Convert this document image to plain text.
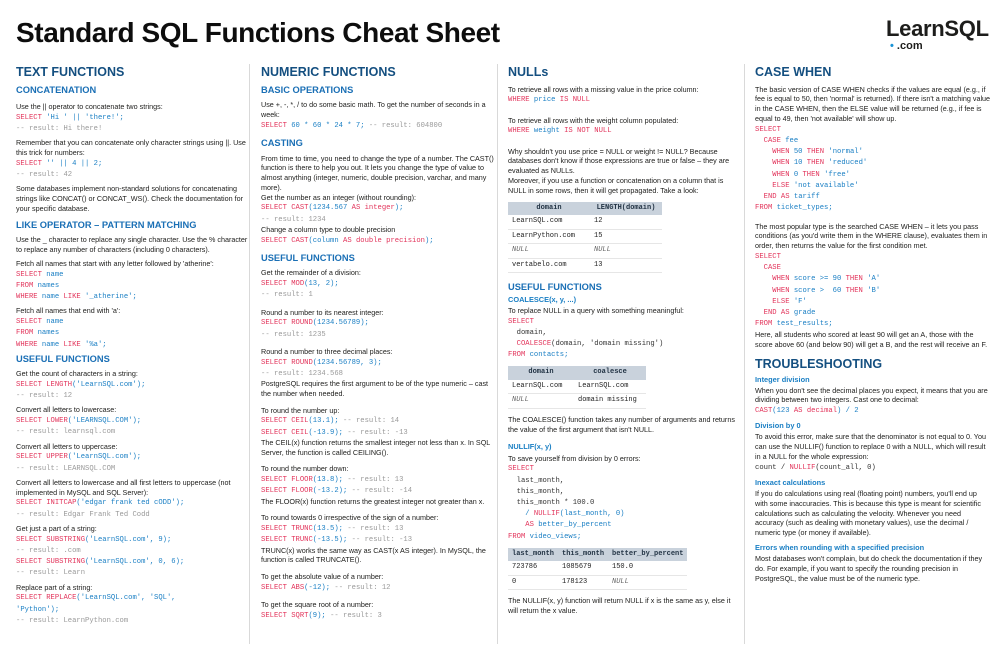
Standard SQL Functions Cheat Sheet	LearnSQL
• .com
TEXT FUNCTIONS
CONCATENATION
Use the || operator to concatenate two strings:
SELECT 'Hi ' || 'there!';
-- result: Hi there!
Remember that you can concatenate only character strings using ||. Use this trick for numbers:
SELECT '' || 4 || 2;
-- result: 42
Some databases implement non-standard solutions for concatenating strings like CONCAT() or CONCAT_WS(). Check the documentation for your specific database.
LIKE OPERATOR – PATTERN MATCHING
Use the _ character to replace any single character. Use the % character to replace any number of characters (including 0 characters).
Fetch all names that start with any letter followed by 'atherine':
SELECT name
FROM names
WHERE name LIKE '_atherine';
Fetch all names that end with 'a':
SELECT name
FROM names
WHERE name LIKE '%a';
USEFUL FUNCTIONS
Get the count of characters in a string:
SELECT LENGTH('LearnSQL.com');
-- result: 12
Convert all letters to lowercase:
SELECT LOWER('LEARNSQL.COM');
-- result: learnsql.com
Convert all letters to uppercase:
SELECT UPPER('LearnSQL.com');
-- result: LEARNSQL.COM
Convert all letters to lowercase and all first letters to uppercase (not implemented in MySQL and SQL Server):
SELECT INITCAP('edgar frank ted cODD');
-- result: Edgar Frank Ted Codd
Get just a part of a string:
SELECT SUBSTRING('LearnSQL.com', 9);
-- result: .com
SELECT SUBSTRING('LearnSQL.com', 0, 6);
-- result: Learn
Replace part of a string:
SELECT REPLACE('LearnSQL.com', 'SQL',
'Python');
-- result: LearnPython.com
NUMERIC FUNCTIONS
BASIC OPERATIONS
Use +, -, *, / to do some basic math. To get the number of seconds in a week:
SELECT 60 * 60 * 24 * 7; -- result: 604800
CASTING
From time to time, you need to change the type of a number. The CAST() function is there to help you out. It lets you change the type of value to almost anything (integer, numeric, double precision, varchar, and many more).
Get the number as an integer (without rounding):
SELECT CAST(1234.567 AS integer);
-- result: 1234
Change a column type to double precision
SELECT CAST(column AS double precision);
USEFUL FUNCTIONS
Get the remainder of a division:
SELECT MOD(13, 2);
-- result: 1
Round a number to its nearest integer:
SELECT ROUND(1234.56789);
-- result: 1235
Round a number to three decimal places:
SELECT ROUND(1234.56789, 3);
-- result: 1234.568
PostgreSQL requires the first argument to be of the type numeric – cast the number when needed.
To round the number up:
SELECT CEIL(13.1); -- result: 14
SELECT CEIL(-13.9); -- result: -13
The CEIL(x) function returns the smallest integer not less than x. In SQL Server, the function is called CEILING().
To round the number down:
SELECT FLOOR(13.8); -- result: 13
SELECT FLOOR(-13.2); -- result: -14
The FLOOR(x) function returns the greatest integer not greater than x.
To round towards 0 irrespective of the sign of a number:
SELECT TRUNC(13.5); -- result: 13
SELECT TRUNC(-13.5); -- result: -13
TRUNC(x) works the same way as CAST(x AS integer). In MySQL, the function is called TRUNCATE().
To get the absolute value of a number:
SELECT ABS(-12); -- result: 12
To get the square root of a number:
SELECT SQRT(9); -- result: 3
NULLs
To retrieve all rows with a missing value in the price column:
WHERE price IS NULL
To retrieve all rows with the weight column populated:
WHERE weight IS NOT NULL
Why shouldn't you use price = NULL or weight != NULL? Because databases don't know if those expressions are true or false – they are evaluated as NULLs.
Moreover, if you use a function or concatenation on a column that is NULL in some rows, then it will get propagated. Take a look:
domain	LENGTH(domain)
LearnSQL.com	12
LearnPython.com	15
NULL	NULL
vertabelo.com	13
USEFUL FUNCTIONS
COALESCE(x, y, ...)
To replace NULL in a query with something meaningful:
SELECT
domain,
COALESCE(domain, 'domain missing')
FROM contacts;
domain	coalesce
LearnSQL.com	LearnSQL.com
NULL	domain missing
The COALESCE() function takes any number of arguments and returns the value of the first argument that isn't NULL.
NULLIF(x, y)
To save yourself from division by 0 errors:
SELECT
last_month,
this_month,
this_month * 100.0
/ NULLIF(last_month, 0)
AS better_by_percent
FROM video_views;
last_month	this_month	better_by_percent
723786	1085679	150.0
0	178123	NULL
The NULLIF(x, y) function will return NULL if x is the same as y, else it will return the x value.
CASE WHEN
The basic version of CASE WHEN checks if the values are equal (e.g., if fee is equal to 50, then 'normal' is returned). If there isn't a matching value in the CASE WHEN, then the ELSE value will be returned (e.g., if fee is equal to 49, then 'not available' will show up.
SELECT
CASE fee
WHEN 50 THEN 'normal'
WHEN 10 THEN 'reduced'
WHEN 0 THEN 'free'
ELSE 'not available'
END AS tariff
FROM ticket_types;
The most popular type is the searched CASE WHEN – it lets you pass conditions (as you'd write them in the WHERE clause), evaluates them in order, then returns the value for the first condition met.
SELECT
CASE
WHEN score >= 90 THEN 'A'
WHEN score >  60 THEN 'B'
ELSE 'F'
END AS grade
FROM test_results;
Here, all students who scored at least 90 will get an A, those with the score above 60 (and below 90) will get a B, and the rest will receive an F.
TROUBLESHOOTING
Integer division
When you don't see the decimal places you expect, it means that you are dividing between two integers. Cast one to decimal:
CAST(123 AS decimal) / 2
Division by 0
To avoid this error, make sure that the denominator is not equal to 0. You can use the NULLIF() function to replace 0 with a NULL, which will result in a NULL for the whole expression:
count / NULLIF(count_all, 0)
Inexact calculations
If you do calculations using real (floating point) numbers, you'll end up with some inaccuracies. This is because this type is meant for scientific calculations such as calculating the velocity. Whenever you need accuracy (such as dealing with monetary values), use the decimal / numeric type (or money if available).
Errors when rounding with a specified precision
Most databases won't complain, but do check the documentation if they do. For example, if you want to specify the rounding precision in PostgreSQL, the value must be of the numeric type.
